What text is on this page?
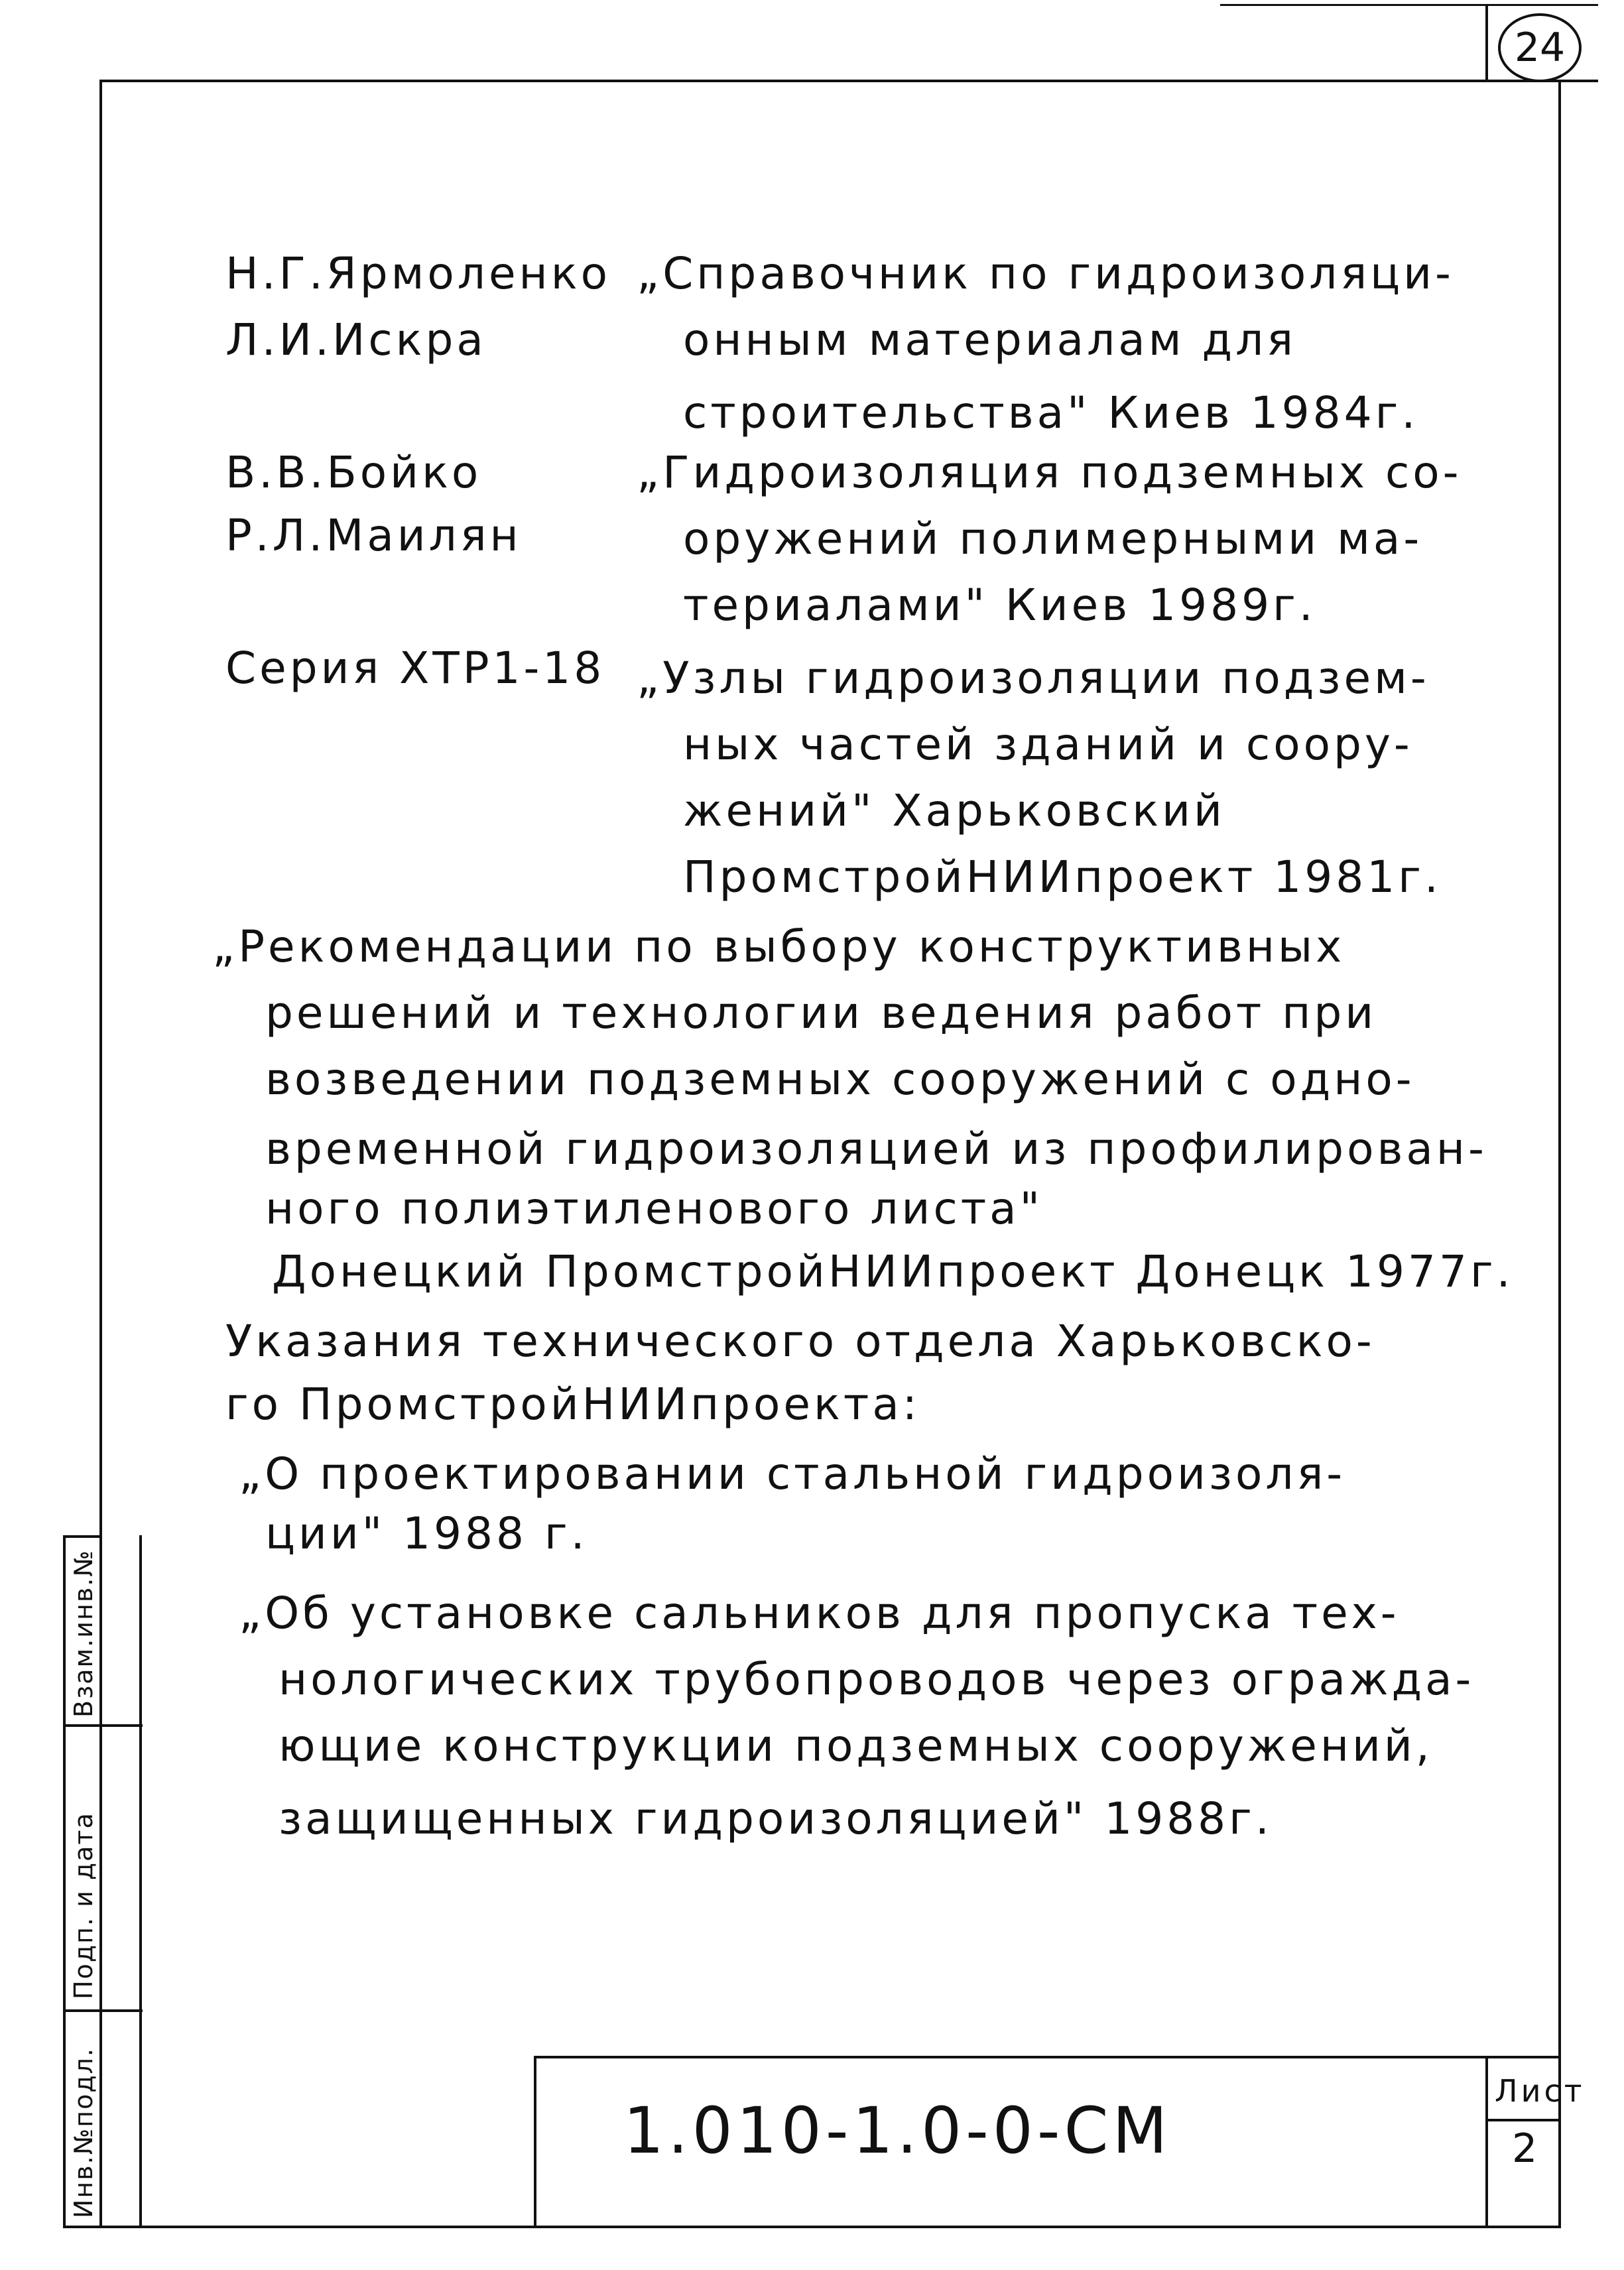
24
Взам.инв.№
Подп. и дата
Инв.№подл.
Н.Г.Ярмоленко
Л.И.Искра
„Справочник по гидроизоляци-
онным материалам для
строительства" Киев 1984г.
В.В.Бойко
Р.Л.Маилян
„Гидроизоляция подземных со-
оружений полимерными ма-
териалами" Киев 1989г.
Серия ХТР1-18 „Узлы гидроизоляции подзем-
ных частей зданий и соору-
жений" Харьковский
ПромстройНИИпроект 1981г.
„Рекомендации по выбору конструктивных
решений и технологии ведения работ при
возведении подземных сооружений с одно-
временной гидроизоляцией из профилирован-
ного полиэтиленового листа"
Донецкий ПромстройНИИпроект Донецк 1977г.
Указания технического отдела Харьковско-
го ПромстройНИИпроекта:
„О проектировании стальной гидроизоля-
ции" 1988 г.
„Об установке сальников для пропуска тех-
нологических трубопроводов через огражда-
ющие конструкции подземных сооружений,
защищенных гидроизоляцией" 1988г.
1.010-1.0-0-СМ
Лист
2
